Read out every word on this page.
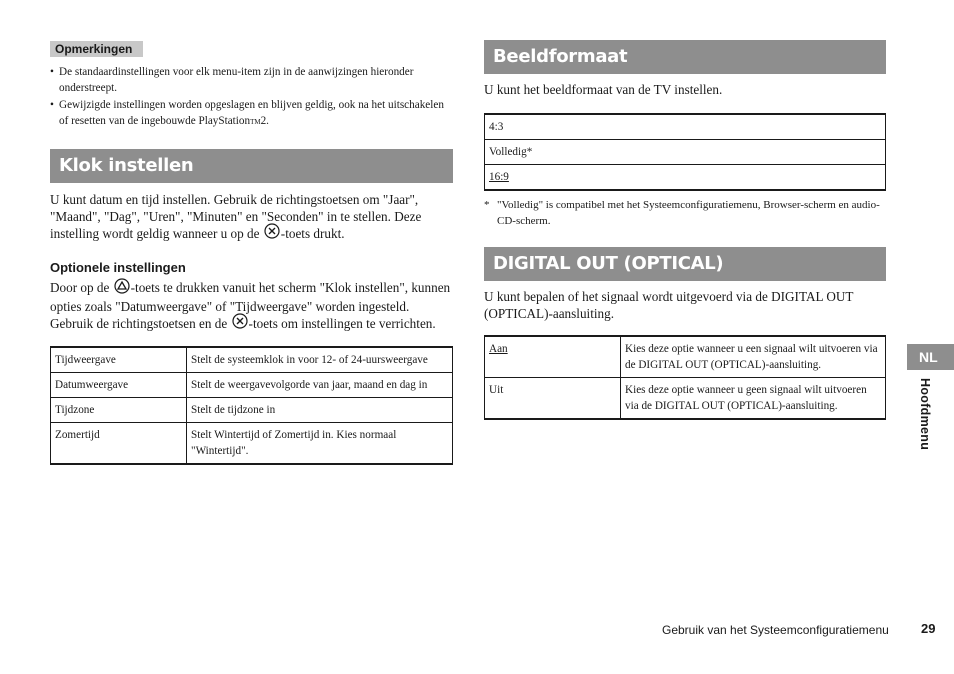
Opmerkingen
• De standaardinstellingen voor elk menu-item zijn in de aanwijzingen hieronder onderstreept.
• Gewijzigde instellingen worden opgeslagen en blijven geldig, ook na het uitschakelen of resetten van de ingebouwde PlayStationTM2.
Klok instellen

U kunt datum en tijd instellen. Gebruik de richtingstoetsen om "Jaar", "Maand", "Dag", "Uren", "Minuten" en "Seconden" in te stellen. Deze instelling wordt geldig wanneer u op de -toets drukt.

Optionele instellingen

Door op de -toets te drukken vanuit het scherm "Klok instellen", kunnen opties zoals "Datumweergave" of "Tijdweergave" worden ingesteld. Gebruik de richtingstoetsen en de -toets om instellingen te verrichten.

Tijdweergave	Stelt de systeemklok in voor 12- of 24-uursweergave
Datumweergave	Stelt de weergavevolgorde van jaar, maand en dag in
Tijdzone	Stelt de tijdzone in
Zomertijd	Stelt Wintertijd of Zomertijd in. Kies normaal "Wintertijd".
Beeldformaat

U kunt het beeldformaat van de TV instellen.

4:3
Volledig*
16:9
* "Volledig" is compatibel met het Systeemconfiguratiemenu, Browser-scherm en audio-CD-scherm.
DIGITAL OUT (OPTICAL)

U kunt bepalen of het signaal wordt uitgevoerd via de DIGITAL OUT (OPTICAL)-aansluiting.

Aan	Kies deze optie wanneer u een signaal wilt uitvoeren via de DIGITAL OUT (OPTICAL)-aansluiting.
Uit	Kies deze optie wanneer u geen signaal wilt uitvoeren via de DIGITAL OUT (OPTICAL)-aansluiting.
NL
Hoofdmenu
Gebruik van het Systeemconfiguratiemenu 29
